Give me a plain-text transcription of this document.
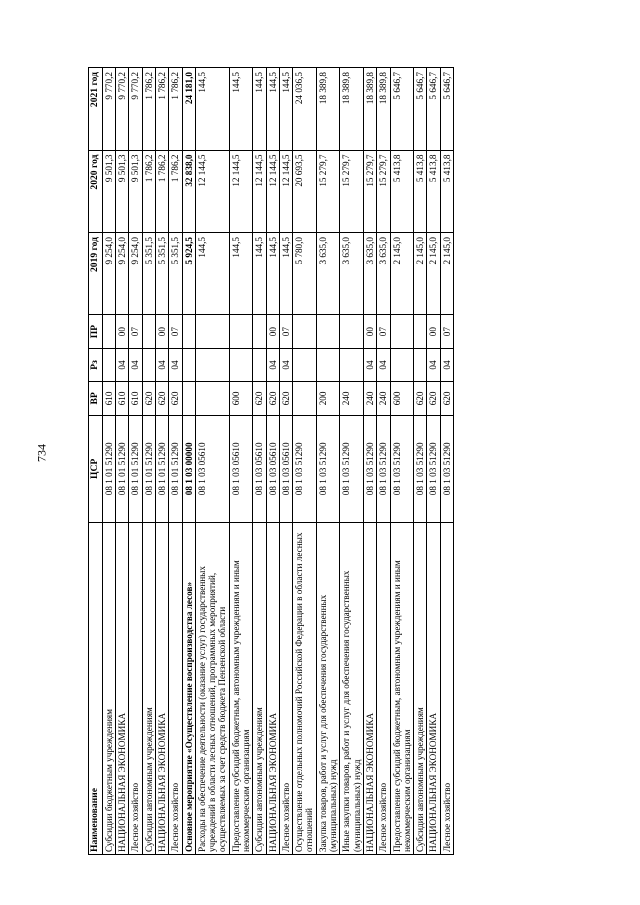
734
Наименование	ЦСР	ВР	Рз	ПР	2019 год	2020 год	2021 год
Субсидии бюджетным учреждениям	08 1 01 51290	610			9 254,0	9 501,3	9 770,2
НАЦИОНАЛЬНАЯ ЭКОНОМИКА	08 1 01 51290	610	04	00	9 254,0	9 501,3	9 770,2
Лесное хозяйство	08 1 01 51290	610	04	07	9 254,0	9 501,3	9 770,2
Субсидии автономным учреждениям	08 1 01 51290	620			5 351,5	1 786,2	1 786,2
НАЦИОНАЛЬНАЯ ЭКОНОМИКА	08 1 01 51290	620	04	00	5 351,5	1 786,2	1 786,2
Лесное хозяйство	08 1 01 51290	620	04	07	5 351,5	1 786,2	1 786,2
Основное мероприятие «Осуществление воспроизводства лесов»	08 1 03 00000				5 924,5	32 838,0	24 181,0
Расходы на обеспечение деятельности (оказание услуг) государственных учреждений в области лесных отношений, программных мероприятий, осуществляемых за счет средств бюджета Пензенской области	08 1 03 05610				144,5	12 144,5	144,5
Предоставление субсидий бюджетным, автономным учреждениям и иным некоммерческим организациям	08 1 03 05610	600			144,5	12 144,5	144,5
Субсидии автономным учреждениям	08 1 03 05610	620			144,5	12 144,5	144,5
НАЦИОНАЛЬНАЯ ЭКОНОМИКА	08 1 03 05610	620	04	00	144,5	12 144,5	144,5
Лесное хозяйство	08 1 03 05610	620	04	07	144,5	12 144,5	144,5
Осуществление отдельных полномочий Российской Федерации в области лесных отношений	08 1 03 51290				5 780,0	20 693,5	24 036,5
Закупка товаров, работ и услуг для обеспечения государственных (муниципальных) нужд	08 1 03 51290	200			3 635,0	15 279,7	18 389,8
Иные закупки товаров, работ и услуг для обеспечения государственных (муниципальных) нужд	08 1 03 51290	240			3 635,0	15 279,7	18 389,8
НАЦИОНАЛЬНАЯ ЭКОНОМИКА	08 1 03 51290	240	04	00	3 635,0	15 279,7	18 389,8
Лесное хозяйство	08 1 03 51290	240	04	07	3 635,0	15 279,7	18 389,8
Предоставление субсидий бюджетным, автономным учреждениям и иным некоммерческим организациям	08 1 03 51290	600			2 145,0	5 413,8	5 646,7
Субсидии автономным учреждениям	08 1 03 51290	620			2 145,0	5 413,8	5 646,7
НАЦИОНАЛЬНАЯ ЭКОНОМИКА	08 1 03 51290	620	04	00	2 145,0	5 413,8	5 646,7
Лесное хозяйство	08 1 03 51290	620	04	07	2 145,0	5 413,8	5 646,7
